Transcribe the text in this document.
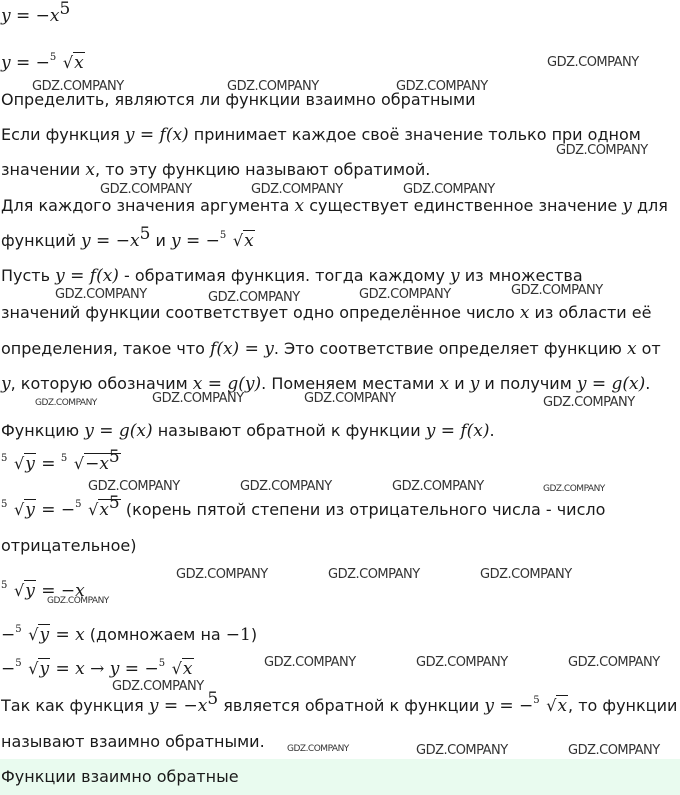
$y = -x^5$
y = − 5 √x
Определить, являются ли функции взаимно обратными
Если функция y = f(x) принимает каждое своё значение только при одном
значении x, то эту функцию называют обратимой.
Для каждого значения аргумента x существует единственное значение y для
функций $y = -x^5$ и y = − 5 √x
Пусть y = f(x) - обратимая функция. тогда каждому y из множества
значений функции соответствует одно определённое число x из области её
определения, такое что f(x) = y. Это соответствие определяет функцию x от
y, которую обозначим x = g(y). Поменяем местами x и y и получим y = g(x).
Функцию y = g(x) называют обратной к функции y = f(x).
5 √y = 5 $√-x^5$
5 √y = − 5 $√x^5$ (корень пятой степени из отрицательного числа - число
отрицательное)
5 √y = −x
− 5 √y = x (домножаем на −1)
− 5 √y = x → y = − 5 √x
Так как функция $y = -x^5$ является обратной к функции y = − 5 √x, то функции
называют взаимно обратными.
Функции взаимно обратные
GDZ.COMPANY
GDZ.COMPANY	GDZ.COMPANY	GDZ.COMPANY
GDZ.COMPANY
GDZ.COMPANY	GDZ.COMPANY	GDZ.COMPANY
GDZ.COMPANY	GDZ.COMPANY	GDZ.COMPANY	GDZ.COMPANY
GDZ.COMPANY	GDZ.COMPANY	GDZ.COMPANY	GDZ.COMPANY
GDZ.COMPANY	GDZ.COMPANY	GDZ.COMPANY	GDZ.COMPANY
GDZ.COMPANY	GDZ.COMPANY	GDZ.COMPANY
GDZ.COMPANY
GDZ.COMPANY	GDZ.COMPANY	GDZ.COMPANY
GDZ.COMPANY
GDZ.COMPANY	GDZ.COMPANY	GDZ.COMPANY
